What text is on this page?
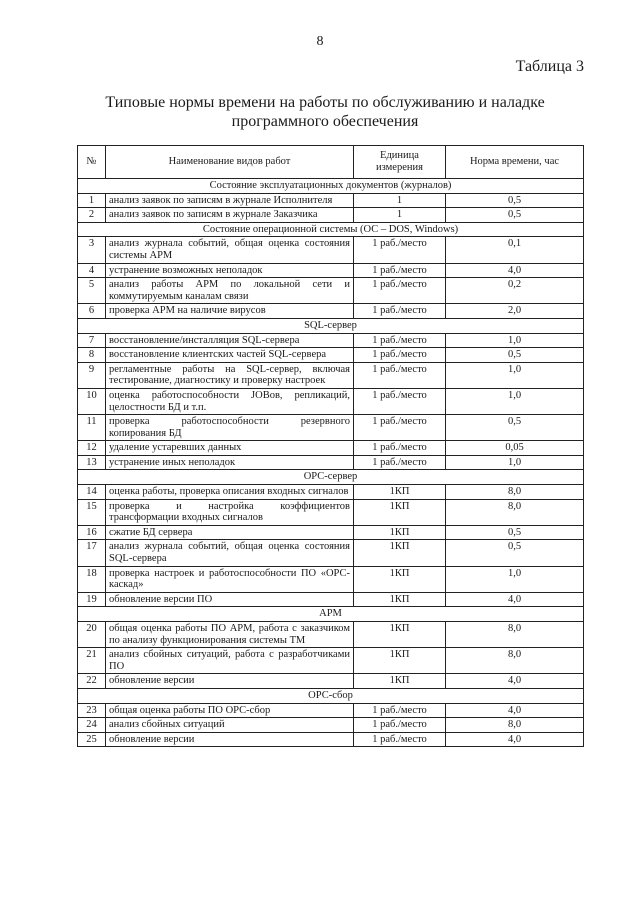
8
Таблица 3
Типовые нормы времени на работы по обслуживанию и наладке программного обеспечения
№	Наименование видов работ	Единица измерения	Норма времени, час
Состояние эксплуатационных документов (журналов)			
1	анализ заявок по записям в журнале Исполнителя	1	0,5
2	анализ заявок по записям в журнале Заказчика	1	0,5
Состояние операционной системы (ОС – DOS, Windows)			
3	анализ журнала событий, общая оценка состояния системы АРМ	1 раб./место	0,1
4	устранение возможных неполадок	1 раб./место	4,0
5	анализ работы АРМ по локальной сети и коммутируемым каналам связи	1 раб./место	0,2
6	проверка АРМ на наличие вирусов	1 раб./место	2,0
SQL-сервер			
7	восстановление/инсталляция SQL-сервера	1 раб./место	1,0
8	восстановление клиентских частей SQL-сервера	1 раб./место	0,5
9	регламентные работы на SQL-сервер, включая тестирование, диагностику и проверку настроек	1 раб./место	1,0
10	оценка работоспособности JOBов, репликаций, целостности БД и т.п.	1 раб./место	1,0
11	проверка работоспособности резервного копирования БД	1 раб./место	0,5
12	удаление устаревших данных	1 раб./место	0,05
13	устранение иных неполадок	1 раб./место	1,0
ОРС-сервер			
14	оценка работы, проверка описания входных сигналов	1КП	8,0
15	проверка и настройка коэффициентов трансформации входных сигналов	1КП	8,0
16	сжатие БД сервера	1КП	0,5
17	анализ журнала событий, общая оценка состояния SQL-сервера	1КП	0,5
18	проверка настроек и работоспособности ПО «ОРС-каскад»	1КП	1,0
19	обновление версии ПО	1КП	4,0
АРМ			
20	общая оценка работы ПО АРМ, работа с заказчиком по анализу функционирования системы ТМ	1КП	8,0
21	анализ сбойных ситуаций, работа с разработчиками ПО	1КП	8,0
22	обновление версии	1КП	4,0
ОРС-сбор			
23	общая оценка работы ПО ОРС-сбор	1 раб./место	4,0
24	анализ сбойных ситуаций	1 раб./место	8,0
25	обновление версии	1 раб./место	4,0
